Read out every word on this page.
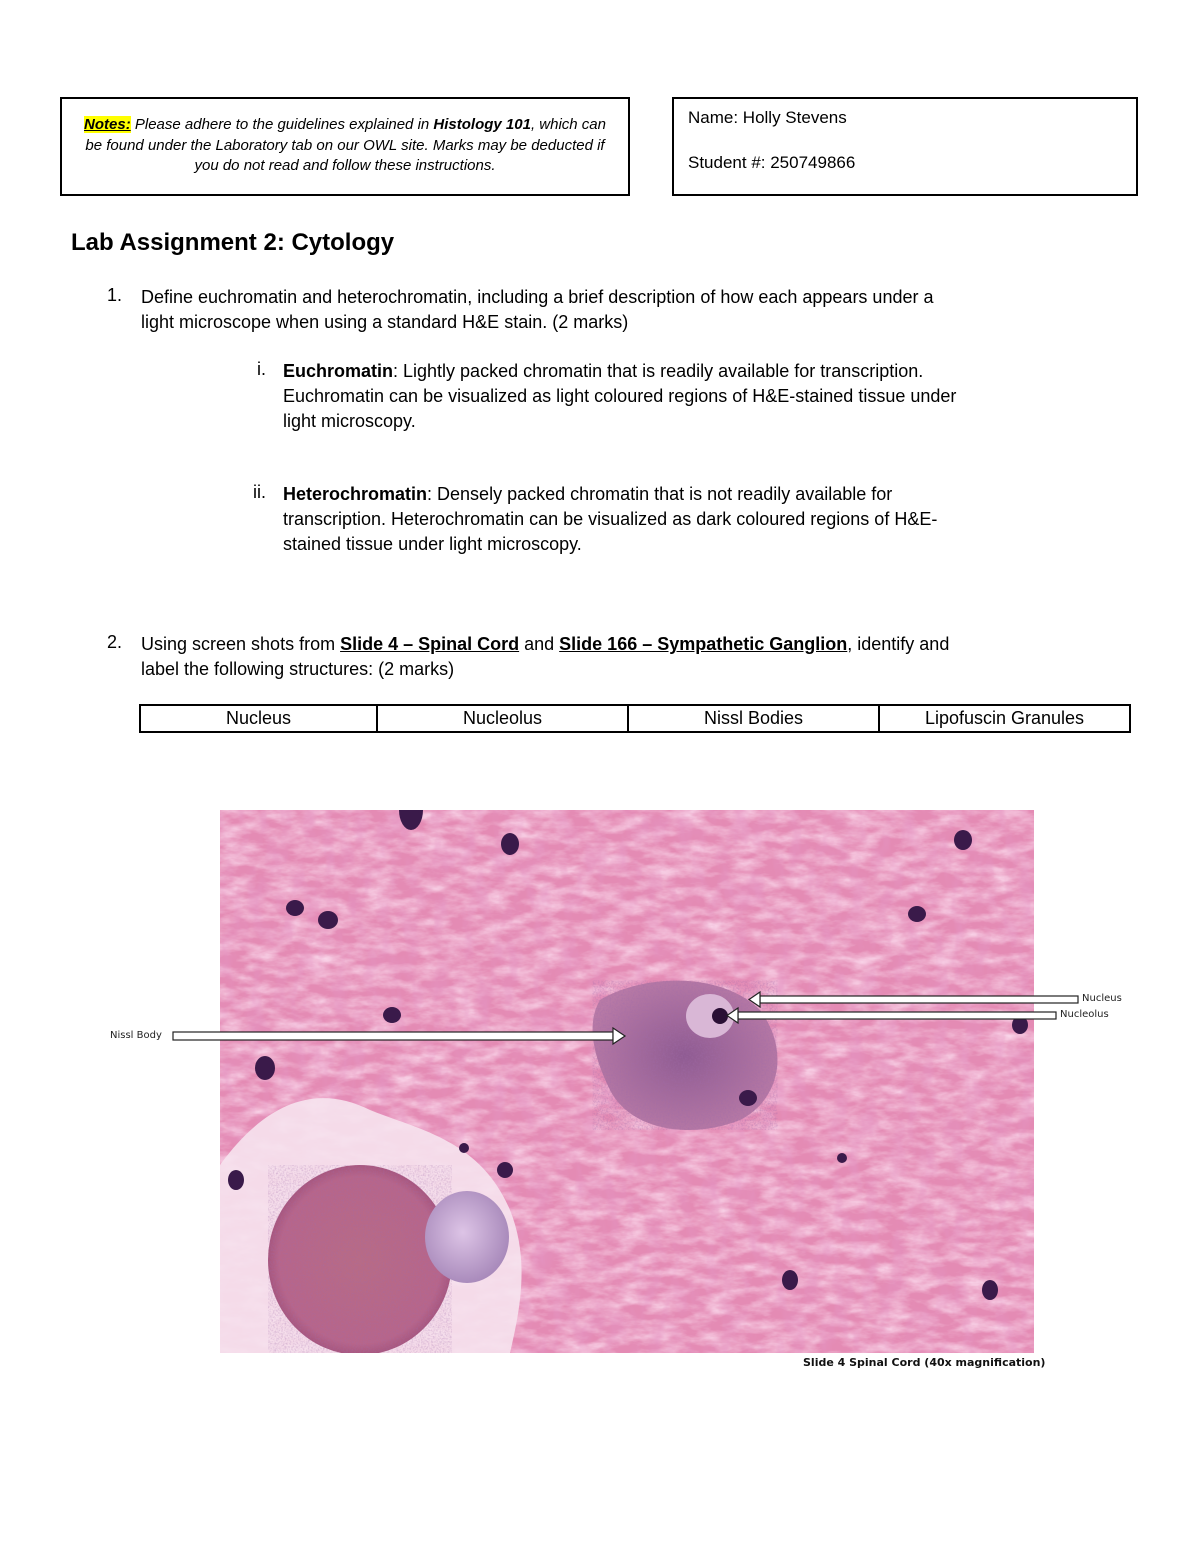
Notes: Please adhere to the guidelines explained in Histology 101, which can be found under the Laboratory tab on our OWL site. Marks may be deducted if you do not read and follow these instructions.
Name: Holly Stevens
Student #: 250749866
Lab Assignment 2: Cytology
1. Define euchromatin and heterochromatin, including a brief description of how each appears under a
light microscope when using a standard H&E stain. (2 marks)
i. Euchromatin: Lightly packed chromatin that is readily available for transcription.
Euchromatin can be visualized as light coloured regions of H&E-stained tissue under
light microscopy.
ii. Heterochromatin: Densely packed chromatin that is not readily available for
transcription. Heterochromatin can be visualized as dark coloured regions of H&E-
stained tissue under light microscopy.
2. Using screen shots from Slide 4 – Spinal Cord and Slide 166 – Sympathetic Ganglion, identify and
label the following structures: (2 marks)
Nucleus	Nucleolus	Nissl Bodies	Lipofuscin Granules
Nissl Body
Nucleus
Nucleolus
Slide 4 Spinal Cord (40x magnification)
